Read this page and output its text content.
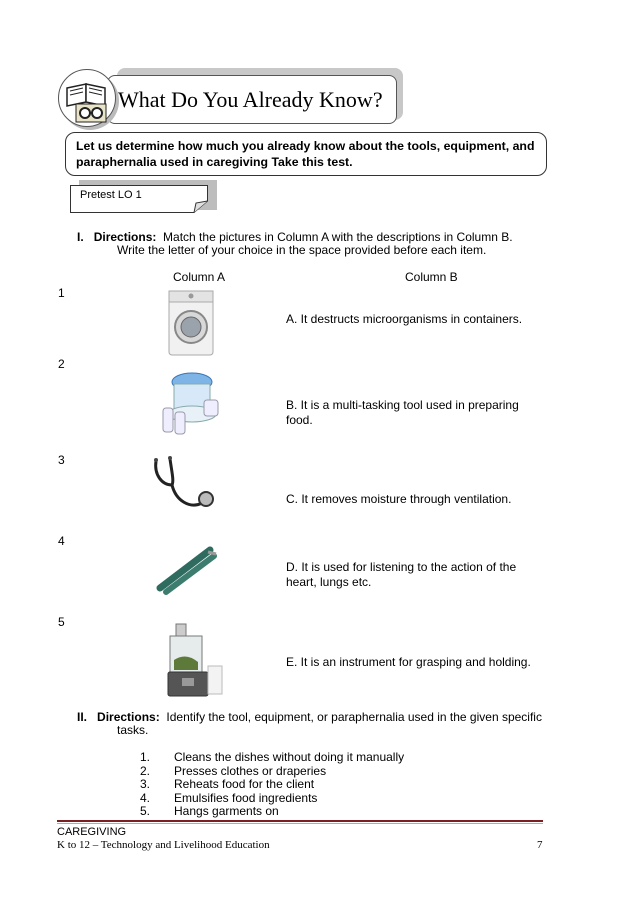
What Do You Already Know?
Let us determine how much you already know about the tools, equipment, and paraphernalia used in caregiving Take this test.
Pretest LO 1
I. Directions: Match the pictures in Column A with the descriptions in Column B.
Write the letter of your choice in the space provided before each item.
Column A	Column B
1
2
3
4
5
A. It destructs microorganisms in containers.
B. It is a multi-tasking tool used in preparing food.
C. It removes moisture through ventilation.
D. It is used for listening to the action of the heart, lungs etc.
E. It is an instrument for grasping and holding.
II. Directions: Identify the tool, equipment, or paraphernalia used in the given specific
tasks.
1. Cleans the dishes without doing it manually
2. Presses clothes or draperies
3. Reheats food for the client
4. Emulsifies food ingredients
5. Hangs garments on
CAREGIVING
K to 12 – Technology and Livelihood Education	7
